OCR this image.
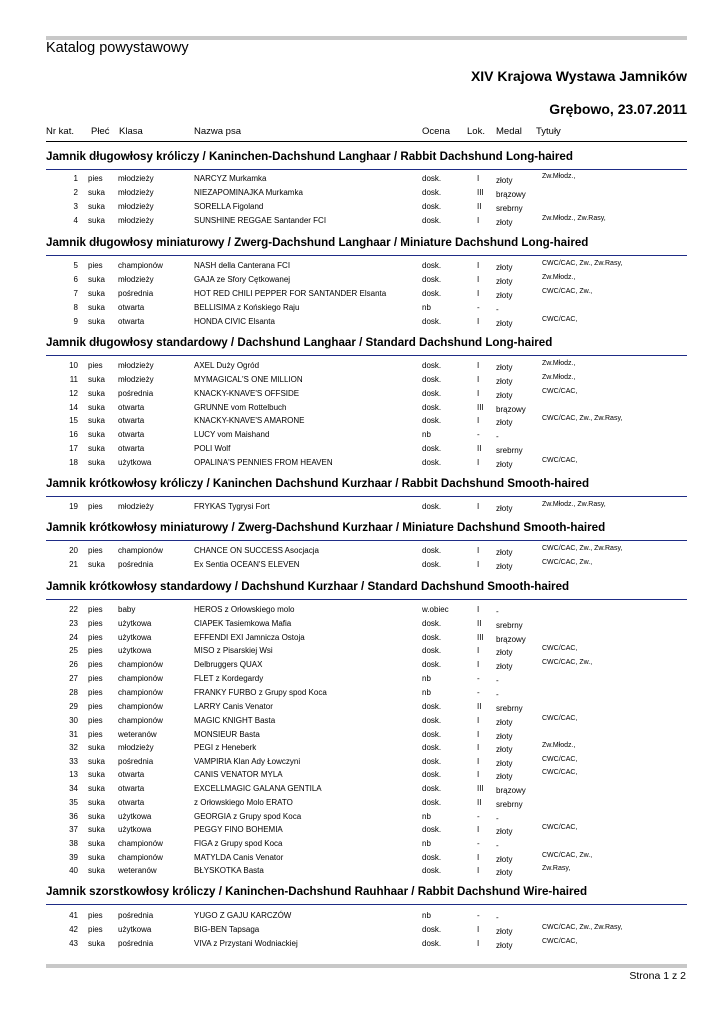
Katalog powystawowy
XIV Krajowa Wystawa Jamników
Grębowo, 23.07.2011
Nr kat. Płeć Klasa	Nazwa psa	Ocena Lok. Medal Tytuły
Jamnik długowłosy króliczy / Kaninchen-Dachshund Langhaar / Rabbit Dachshund Long-haired
1 pies młodzieży	NARCYZ Murkamka	dosk.	I złoty	Zw.Młodz.,
2 suka młodzieży	NIEZAPOMINAJKA Murkamka	dosk.	III brązowy
3 suka młodzieży	SORELLA Figoland	dosk.	II srebrny
4 suka młodzieży	SUNSHINE REGGAE Santander FCI	dosk.	I złoty	Zw.Młodz., Zw.Rasy,
Jamnik długowłosy miniaturowy / Zwerg-Dachshund Langhaar / Miniature Dachshund Long-haired
5 pies championów	NASH della Canterana FCI	dosk.	I złoty	CWC/CAC, Zw., Zw.Rasy,
6 suka młodzieży	GAJA ze Sfory Cętkowanej	dosk.	I złoty	Zw.Młodz.,
7 suka pośrednia	HOT RED CHILI PEPPER FOR SANTANDER Elsanta	dosk.	I złoty	CWC/CAC, Zw.,
8 suka otwarta	BELLISIMA z Końskiego Raju	nb	- -
9 suka otwarta	HONDA CIVIC Elsanta	dosk.	I złoty	CWC/CAC,
Jamnik długowłosy standardowy / Dachshund Langhaar / Standard Dachshund Long-haired
10 pies młodzieży	AXEL Duży Ogród	dosk.	I złoty	Zw.Młodz.,
11 suka młodzieży	MYMAGICAL'S ONE MILLION	dosk.	I złoty	Zw.Młodz.,
12 suka pośrednia	KNACKY-KNAVE'S OFFSIDE	dosk.	I złoty	CWC/CAC,
14 suka otwarta	GRUNNE vom Rottelbuch	dosk.	III brązowy
15 suka otwarta	KNACKY-KNAVE'S AMARONE	dosk.	I złoty	CWC/CAC, Zw., Zw.Rasy,
16 suka otwarta	LUCY vom Maishand	nb	- -
17 suka otwarta	POLI Wolf	dosk.	II srebrny
18 suka użytkowa	OPALINA'S PENNIES FROM HEAVEN	dosk.	I złoty	CWC/CAC,
Jamnik krótkowłosy króliczy / Kaninchen Dachshund Kurzhaar / Rabbit Dachshund Smooth-haired
19 pies młodzieży	FRYKAS Tygrysi Fort	dosk.	I złoty	Zw.Młodz., Zw.Rasy,
Jamnik krótkowłosy miniaturowy / Zwerg-Dachshund Kurzhaar / Miniature Dachshund Smooth-haired
20 pies championów	CHANCE ON SUCCESS Asocjacja	dosk.	I złoty	CWC/CAC, Zw., Zw.Rasy,
21 suka pośrednia	Ex Sentia OCEAN'S ELEVEN	dosk.	I złoty	CWC/CAC, Zw.,
Jamnik krótkowłosy standardowy / Dachshund Kurzhaar / Standard Dachshund Smooth-haired
22 pies baby	HEROS z Orłowskiego molo	w.obiec	I -
23 pies użytkowa	CIAPEK Tasiemkowa Mafia	dosk.	II srebrny
24 pies użytkowa	EFFENDI EXI Jamnicza Ostoja	dosk.	III brązowy
25 pies użytkowa	MISO z Pisarskiej Wsi	dosk.	I złoty	CWC/CAC,
26 pies championów	Delbruggers QUAX	dosk.	I złoty	CWC/CAC, Zw.,
27 pies championów	FLET z Kordegardy	nb	- -
28 pies championów	FRANKY FURBO z Grupy spod Koca	nb	- -
29 pies championów	LARRY Canis Venator	dosk.	II srebrny
30 pies championów	MAGIC KNIGHT Basta	dosk.	I złoty	CWC/CAC,
31 pies weteranów	MONSIEUR Basta	dosk.	I złoty
32 suka młodzieży	PEGI z Heneberk	dosk.	I złoty	Zw.Młodz.,
33 suka pośrednia	VAMPIRIA Klan Ady Łowczyni	dosk.	I złoty	CWC/CAC,
13 suka otwarta	CANIS VENATOR MYLA	dosk.	I złoty	CWC/CAC,
34 suka otwarta	EXCELLMAGIC GALANA GENTILA	dosk.	III brązowy
35 suka otwarta	z Orłowskiego Molo ERATO	dosk.	II srebrny
36 suka użytkowa	GEORGIA z Grupy spod Koca	nb	- -
37 suka użytkowa	PEGGY FINO BOHEMIA	dosk.	I złoty	CWC/CAC,
38 suka championów	FIGA z Grupy spod Koca	nb	- -
39 suka championów	MATYLDA Canis Venator	dosk.	I złoty	CWC/CAC, Zw.,
40 suka weteranów	BŁYSKOTKA Basta	dosk.	I złoty	Zw.Rasy,
Jamnik szorstkowłosy króliczy / Kaninchen-Dachshund Rauhhaar / Rabbit Dachshund Wire-haired
41 pies pośrednia	YUGO Z GAJU KARCZÓW	nb	- -
42 pies użytkowa	BIG-BEN Tapsaga	dosk.	I złoty	CWC/CAC, Zw., Zw.Rasy,
43 suka pośrednia	VIVA z Przystani Wodniackiej	dosk.	I złoty	CWC/CAC,
Strona 1 z 2
